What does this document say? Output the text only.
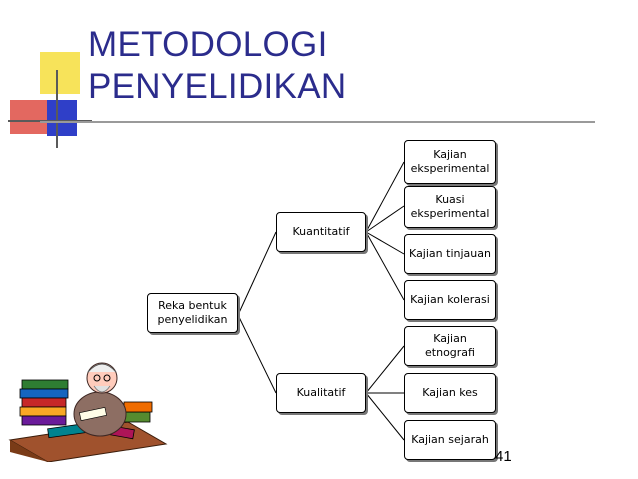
METODOLOGI
PENYELIDIKAN
Reka bentuk
penyelidikan
Kuantitatif
Kualitatif
Kajian
eksperimental
Kuasi
eksperimental
Kajian tinjauan
Kajian kolerasi
Kajian
etnografi
Kajian kes
Kajian sejarah
41
